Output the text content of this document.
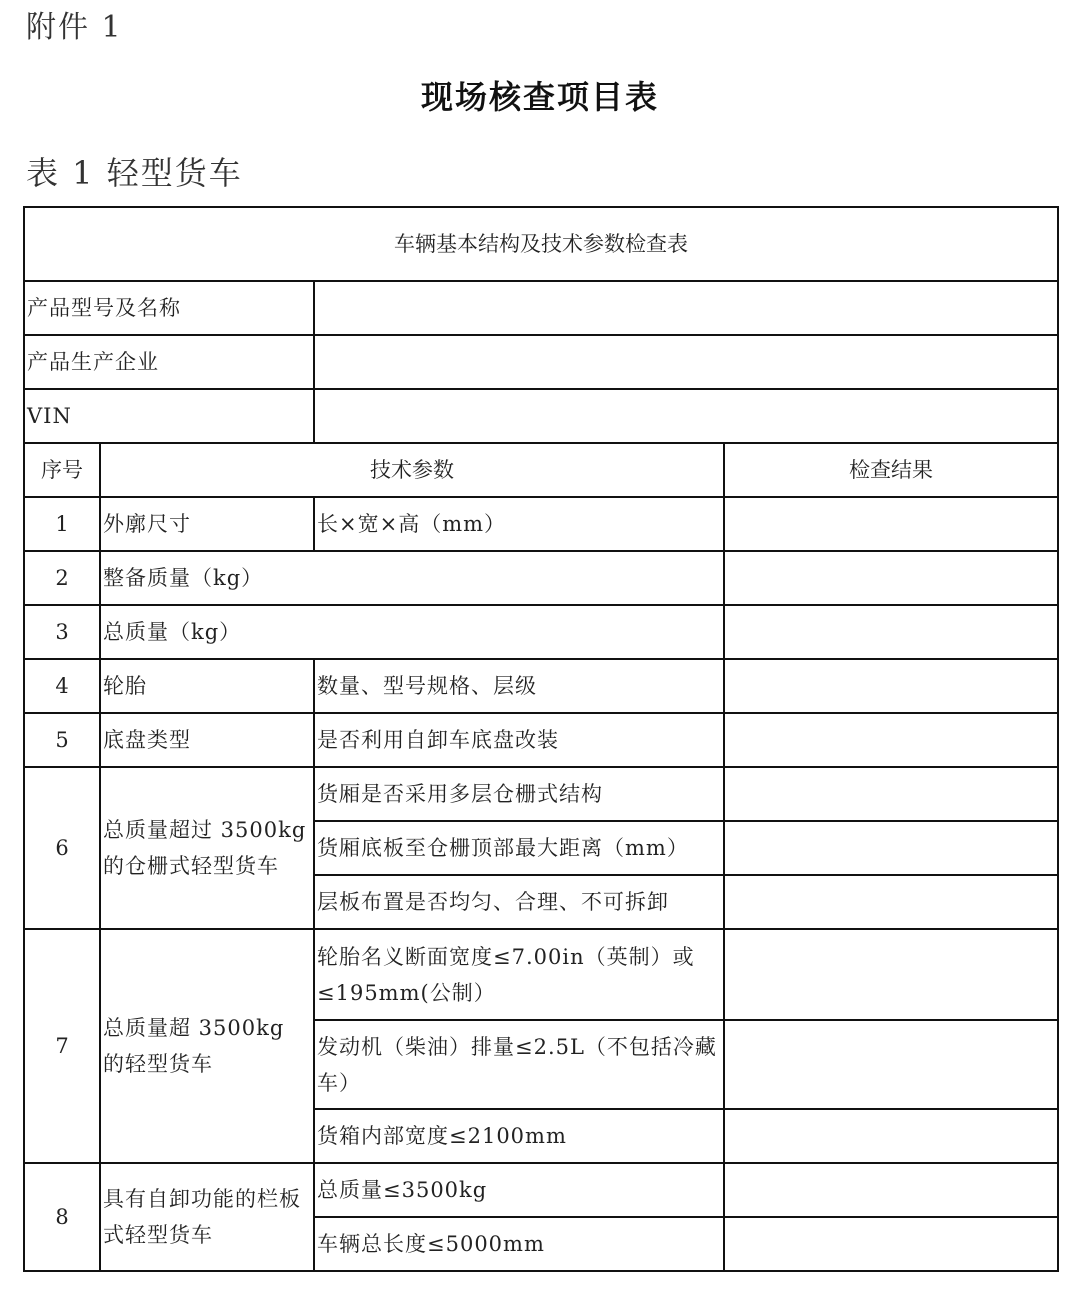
附件 1
现场核查项目表
表 1 轻型货车
车辆基本结构及技术参数检查表			
产品型号及名称			
产品生产企业			
VIN			
序号	技术参数		检查结果
1	外廓尺寸	长×宽×高（mm）	
2	整备质量（kg）		
3	总质量（kg）		
4	轮胎	数量、型号规格、层级	
5	底盘类型	是否利用自卸车底盘改装	
6	总质量超过 3500kg 的仓栅式轻型货车	货厢是否采用多层仓栅式结构	
		货厢底板至仓栅顶部最大距离（mm）	
		层板布置是否均匀、合理、不可拆卸	
7	总质量超 3500kg 的轻型货车	轮胎名义断面宽度≤7.00in（英制）或≤195mm(公制）	
		发动机（柴油）排量≤2.5L（不包括冷藏车）	
		货箱内部宽度≤2100mm	
8	具有自卸功能的栏板式轻型货车	总质量≤3500kg	
		车辆总长度≤5000mm	
